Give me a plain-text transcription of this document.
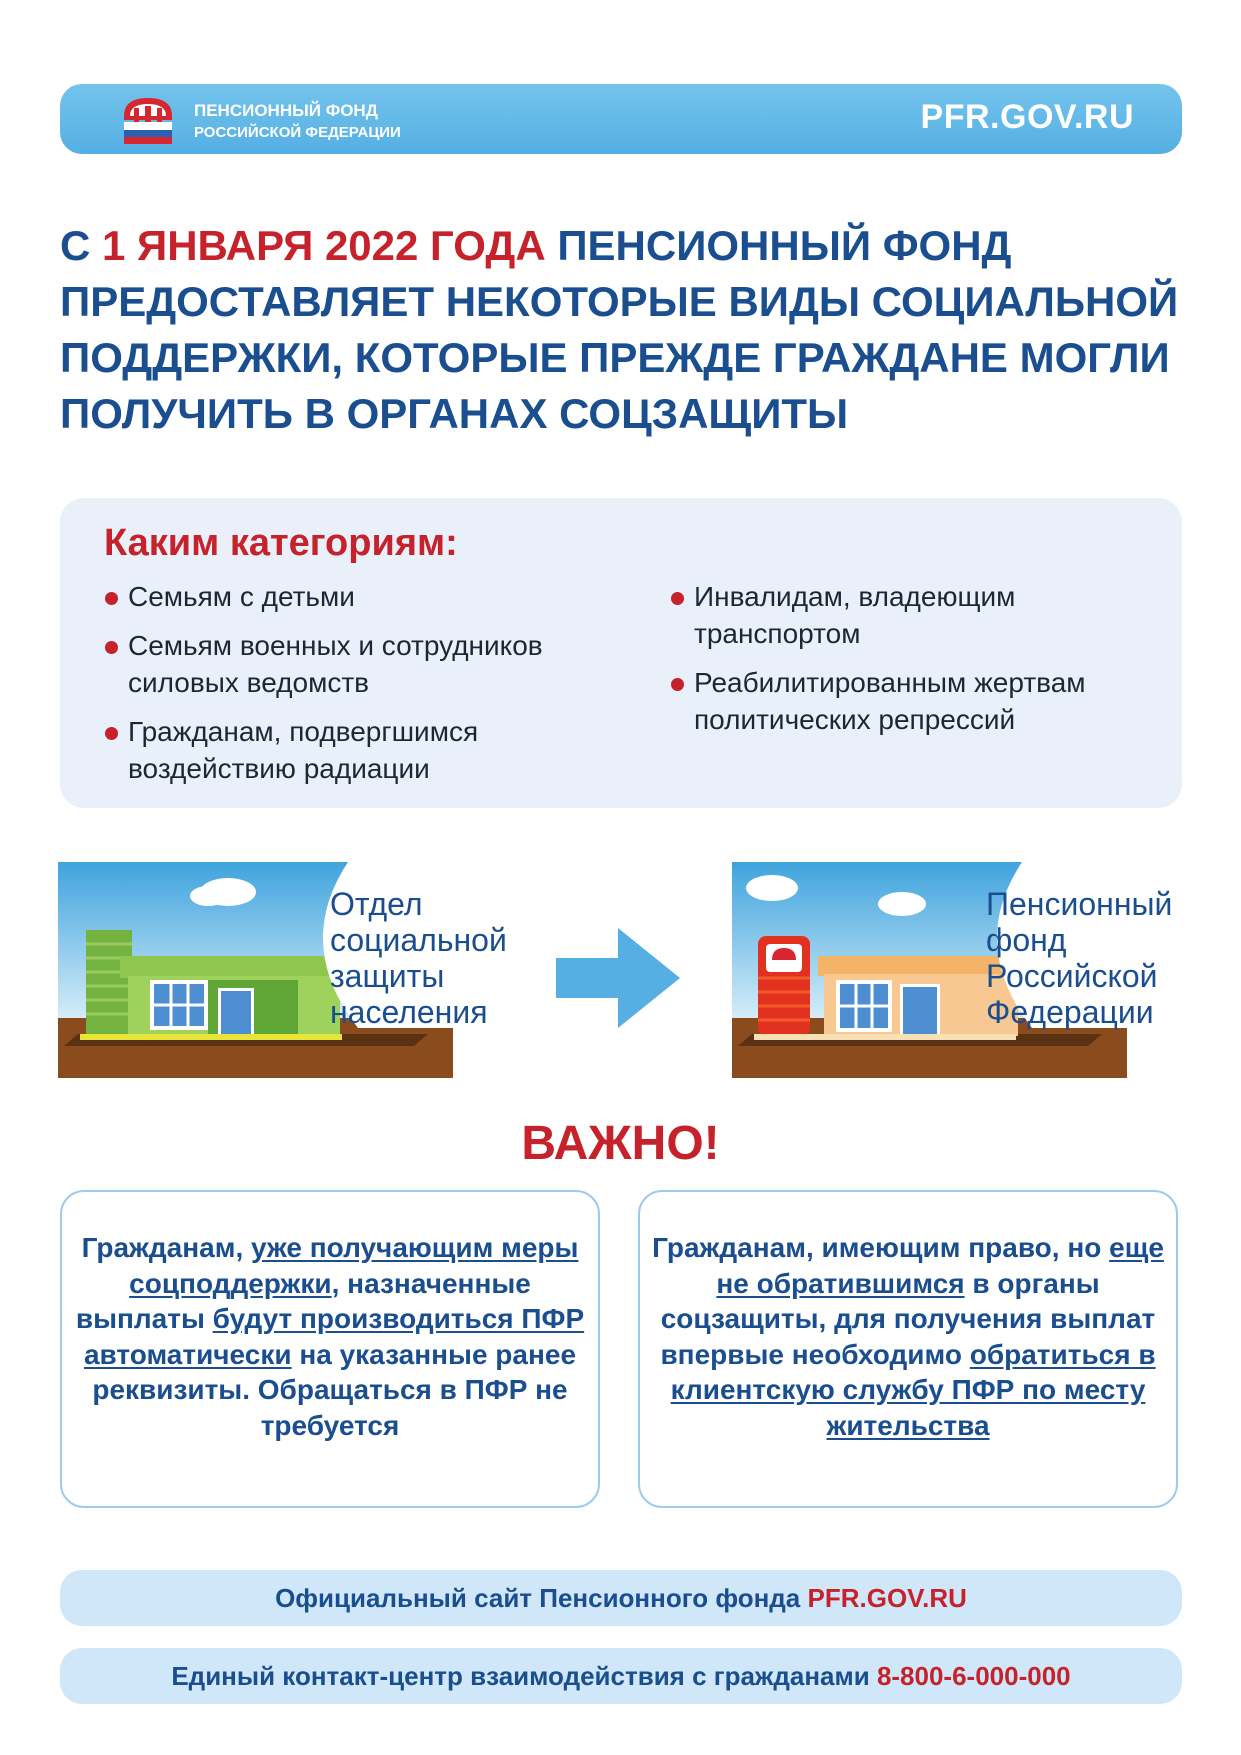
ПЕНСИОННЫЙ ФОНД
РОССИЙСКОЙ ФЕДЕРАЦИИ	PFR.GOV.RU
С 1 ЯНВАРЯ 2022 ГОДА ПЕНСИОННЫЙ ФОНД ПРЕДОСТАВЛЯЕТ НЕКОТОРЫЕ ВИДЫ СОЦИАЛЬНОЙ ПОДДЕРЖКИ, КОТОРЫЕ ПРЕЖДЕ ГРАЖДАНЕ МОГЛИ ПОЛУЧИТЬ В ОРГАНАХ СОЦЗАЩИТЫ
Каким категориям:
Семьям с детьми
Семьям военных и сотрудников силовых ведомств
Гражданам, подвергшимся воздействию радиации
Инвалидам, владеющим транспортом
Реабилитированным жертвам политических репрессий
Отдел
социальной
защиты
населения
Пенсионный
фонд
Российской
Федерации
ВАЖНО!
Гражданам, уже получающим меры соцподдержки, назначенные выплаты будут производиться ПФР автоматически на указанные ранее реквизиты. Обращаться в ПФР не требуется
Гражданам, имеющим право, но еще не обратившимся в органы соцзащиты, для получения выплат впервые необходимо обратиться в клиентскую службу ПФР по месту жительства
Официальный сайт Пенсионного фонда PFR.GOV.RU
Единый контакт-центр взаимодействия с гражданами 8-800-6-000-000
